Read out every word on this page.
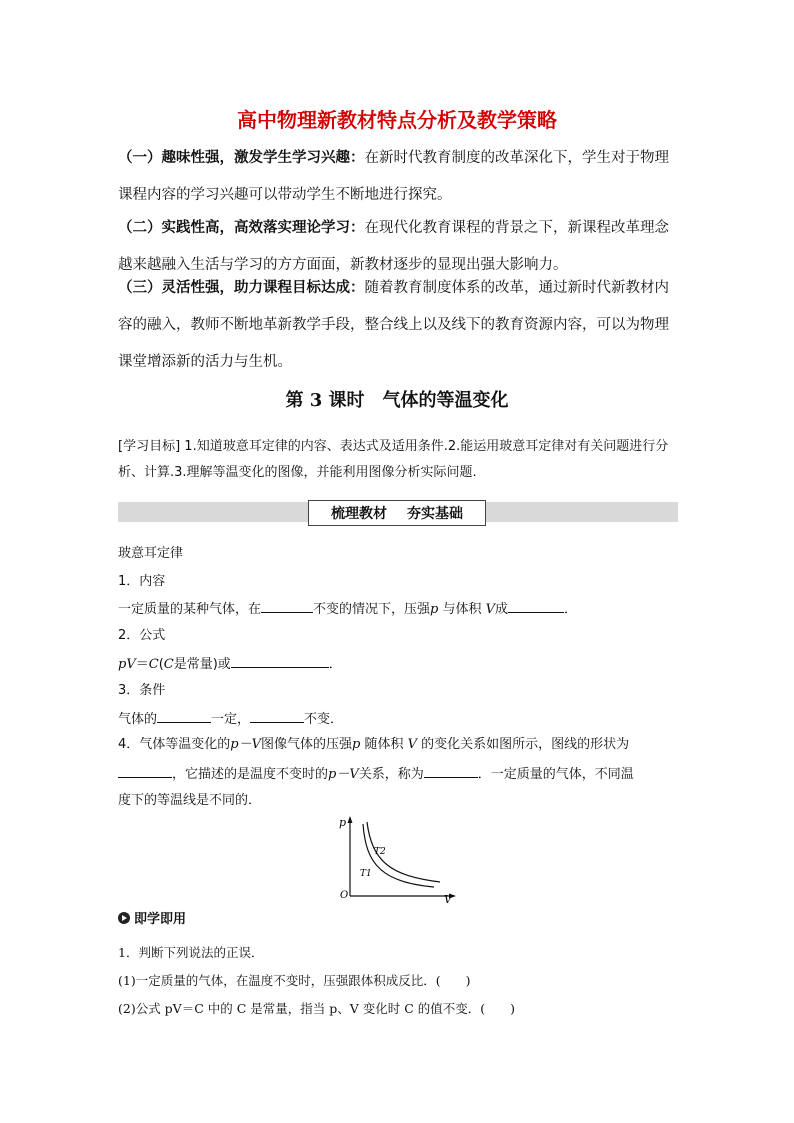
高中物理新教材特点分析及教学策略
（一）趣味性强，激发学生学习兴趣：在新时代教育制度的改革深化下，学生对于物理课程内容的学习兴趣可以带动学生不断地进行探究。
（二）实践性高，高效落实理论学习：在现代化教育课程的背景之下，新课程改革理念越来越融入生活与学习的方方面面，新教材逐步的显现出强大影响力。
（三）灵活性强，助力课程目标达成：随着教育制度体系的改革，通过新时代新教材内容的融入，教师不断地革新教学手段，整合线上以及线下的教育资源内容，可以为物理课堂增添新的活力与生机。
第 3 课时　气体的等温变化
[学习目标] 1.知道玻意耳定律的内容、表达式及适用条件.2.能运用玻意耳定律对有关问题进行分析、计算.3.理解等温变化的图像，并能利用图像分析实际问题.
梳理教材 夯实基础
玻意耳定律
1．内容
一定质量的某种气体，在	不变的情况下，压强p 与体积 V成	．
2．公式
pV＝C(C是常量)或	．
3．条件
气体的	一定，	不变．
4．气体等温变化的p－V图像气体的压强p 随体积 V 的变化关系如图所示，图线的形状为
，它描述的是温度不变时的p－V关系，称为	．一定质量的气体，不同温
度下的等温线是不同的．
p
V
O
T2
T1
即学即用
1．判断下列说法的正误．
(1)一定质量的气体，在温度不变时，压强跟体积成反比．(　　)
(2)公式 pV＝C 中的 C 是常量，指当 p、V 变化时 C 的值不变．(　　)
